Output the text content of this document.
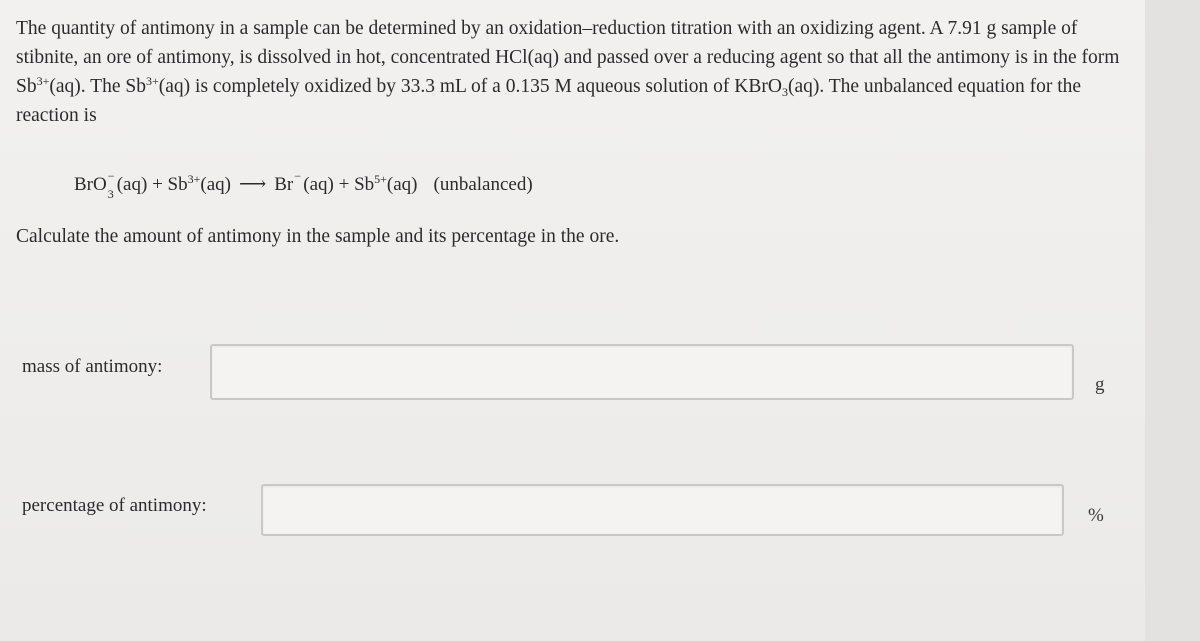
The quantity of antimony in a sample can be determined by an oxidation–reduction titration with an oxidizing agent. A 7.91 g sample of stibnite, an ore of antimony, is dissolved in hot, concentrated HCl(aq) and passed over a reducing agent so that all the antimony is in the form $Sb^{3+}(aq)$. The $Sb^{3+}(aq)$ is completely oxidized by 33.3 mL of a 0.135 M aqueous solution of KBrO$_3$(aq). The unbalanced equation for the reaction is

BrO −
3 $(aq) + Sb^{3+}(aq)$ ⟶ $Br - (aq) + Sb^{5+}(aq)$ (unbalanced)
Calculate the amount of antimony in the sample and its percentage in the ore.
mass of antimony:
g
percentage of antimony:	%
